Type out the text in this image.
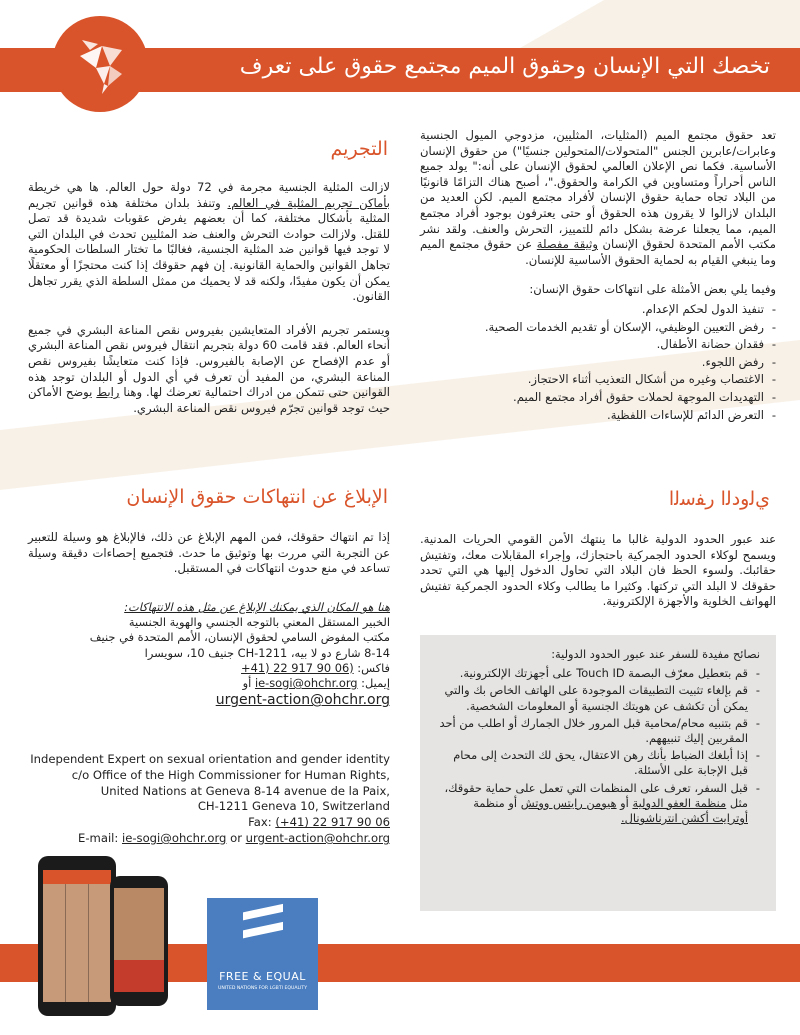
تخصك التي الإنسان وحقوق الميم مجتمع حقوق على تعرف

تعد حقوق مجتمع الميم (المثليات، المثليين، مزدوجي الميول الجنسية وعابرات/عابرين الجنس "المتحولات/المتحولين جنسيًا") من حقوق الإنسان الأساسية. فكما نص الإعلان العالمي لحقوق الإنسان على أنه:" يولد جميع الناس أحراراً ومتساوين في الكرامة والحقوق."، أصبح هناك التزامًا قانونيًا من البلاد تجاه حماية حقوق الإنسان لأفراد مجتمع الميم. لكن العديد من البلدان لازالوا لا يقرون هذه الحقوق أو حتى يعترفون بوجود أفراد مجتمع الميم، مما يجعلنا عرضة بشكل دائم للتمييز، التحرش والعنف. ولقد نشر مكتب الأمم المتحدة لحقوق الإنسان وثيقة مفصلة عن حقوق مجتمع الميم وما ينبغي القيام به لحماية الحقوق الأساسية للإنسان.

وفيما يلي بعض الأمثلة على انتهاكات حقوق الإنسان:

- تنفيذ الدول لحكم الإعدام.
- رفض التعيين الوظيفي، الإسكان أو تقديم الخدمات الصحية.
- فقدان حضانة الأطفال.
- رفض اللجوء.
- الاغتصاب وغيره من أشكال التعذيب أثناء الاحتجاز.
- التهديدات الموجهة لحملات حقوق أفراد مجتمع الميم.
- التعرض الدائم للإساءات اللفظية.
التجريم

لازالت المثلية الجنسية مجرمة في 72 دولة حول العالم. ها هي خريطة بأماكن تجريم المثلية في العالم. وتنفذ بلدان مختلفة هذه قوانين تجريم المثلية بأشكال مختلفة، كما أن بعضهم يفرض عقوبات شديدة قد تصل للقتل. ولازالت حوادث التحرش والعنف ضد المثليين تحدث في البلدان التي لا توجد فيها قوانين ضد المثلية الجنسية، فغالبًا ما تختار السلطات الحكومية تجاهل القوانين والحماية القانونية. إن فهم حقوقك إذا كنت محتجزًا أو معتقلًا يمكن أن يكون مفيدًا، ولكنه قد لا يحميك من ممثل السلطة الذي يقرر تجاهل القانون.

ويستمر تجريم الأفراد المتعايشين بفيروس نقص المناعة البشري في جميع أنحاء العالم. فقد قامت 60 دولة بتجريم انتقال فيروس نقص المناعة البشري أو عدم الإفصاح عن الإصابة بالفيروس. فإذا كنت متعايشًا بفيروس نقص المناعة البشري، من المفيد أن تعرف في أي الدول أو البلدان توجد هذه القوانين حتى تتمكن من ادراك احتمالية تعرضك لها. وهنا رابط يوضح الأماكن حيث توجد قوانين تجرّم فيروس نقص المناعة البشري.

الإبلاغ عن انتهاكات حقوق الإنسان

إذا تم انتهاك حقوقك، فمن المهم الإبلاغ عن ذلك، فالإبلاغ هو وسيلة للتعبير عن التجربة التي مررت بها وتوثيق ما حدث. فتجميع إحصاءات دقيقة وسيلة تساعد في منع حدوث انتهاكات في المستقبل.

هنا هو المكان الذي يمكنك الإبلاغ عن مثل هذه الانتهاكات:
الخبير المستقل المعني بالتوجه الجنسي والهوية الجنسية
مكتب المفوض السامي لحقوق الإنسان، الأمم المتحدة في جنيف
8-14 شارع دو لا بيه، CH-1211 جنيف 10، سويسرا
فاكس: +41) 22 917 90 06)
إيميل: ie-sogi@ohchr.org أو
urgent-action@ohchr.org
Independent Expert on sexual orientation and gender identity
c/o Office of the High Commissioner for Human Rights,
United Nations at Geneva 8-14 avenue de la Paix,
CH-1211 Geneva 10, Switzerland
Fax: (+41) 22 917 90 06
E-mail: ie-sogi@ohchr.org or urgent-action@ohchr.org
ﻱﻟﻭﺩﻟﺍ ﺭﻔﺳﻟﺍ

عند عبور الحدود الدولية غالبا ما ينتهك الأمن القومي الحريات المدنية. ويسمح لوكلاء الحدود الجمركية باحتجازك، وإجراء المقابلات معك، وتفتيش حقائبك. ولسوء الحظ فان البلاد التي تحاول الدخول إليها هي التي تحدد حقوقك لا البلد التي تركتها. وكثيرا ما يطالب وكلاء الحدود الجمركية تفتيش الهواتف الخلوية والأجهزة الإلكترونية.

نصائح مفيدة للسفر عند عبور الحدود الدولية:
- قم بتعطيل معرّف البصمة Touch ID على أجهزتك الإلكترونية.
- قم بإلغاء تثبيت التطبيقات الموجودة على الهاتف الخاص بك والتي يمكن أن تكشف عن هويتك الجنسية أو المعلومات الشخصية.
- قم بتنبيه محام/محامية قبل المرور خلال الجمارك أو اطلب من أحد المقربين إليك تنبيههم.
- إذا أبلغك الضباط بأنك رهن الاعتقال، يحق لك التحدث إلى محام قبل الإجابة على الأسئلة.
- قبل السفر، تعرف على المنظمات التي تعمل على حماية حقوقك، مثل منظمة العفو الدولية أو هيومن رايتس ووتش أو منظمة أوترايت أكشن انترناشونال.
FREE & EQUAL
UNITED NATIONS FOR LGBTI EQUALITY
